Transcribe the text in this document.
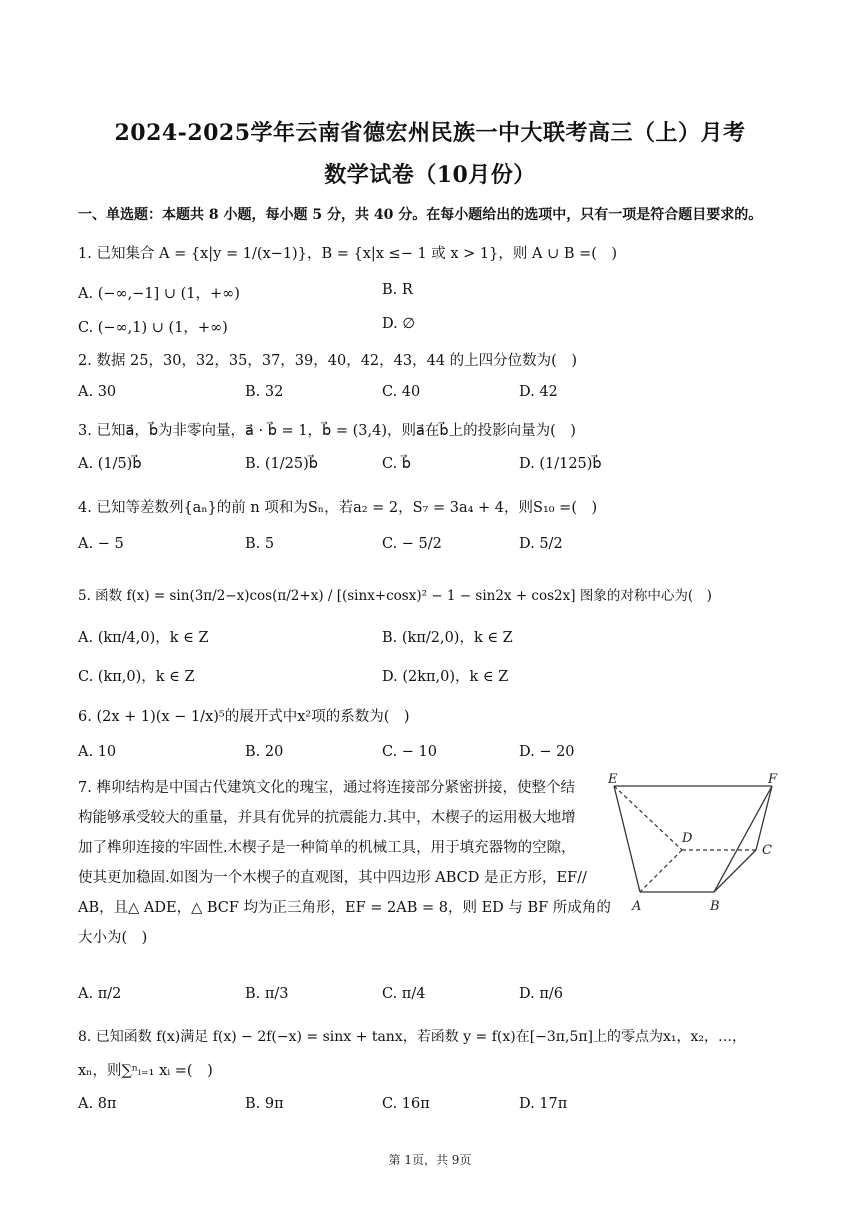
2024-2025学年云南省德宏州民族一中大联考高三（上）月考
数学试卷（10月份）
一、单选题：本题共 8 小题，每小题 5 分，共 40 分。在每小题给出的选项中，只有一项是符合题目要求的。
1. 已知集合 A = {x|y = 1/(x−1)}，B = {x|x ≤− 1 或 x > 1}，则 A ∪ B =(　)
A. (−∞,−1] ∪ (1，+∞)	B. R
C. (−∞,1) ∪ (1，+∞)	D. ∅
2. 数据 25，30，32，35，37，39，40，42，43，44 的上四分位数为(　)
A. 30	B. 32	C. 40	D. 42
3. 已知a⃗，b⃗为非零向量，a⃗ · b⃗ = 1，b⃗ = (3,4)，则a⃗在b⃗上的投影向量为(　)
A. (1/5)b⃗	B. (1/25)b⃗	C. b⃗	D. (1/125)b⃗
4. 已知等差数列{aₙ}的前 n 项和为Sₙ，若a₂ = 2，S₇ = 3a₄ + 4，则S₁₀ =(　)
A. − 5	B. 5	C. − 5/2	D. 5/2
5. 函数 f(x) = sin(3π/2−x)cos(π/2+x) / [(sinx+cosx)² − 1 − sin2x + cos2x] 图象的对称中心为(　)
A. (kπ/4,0)，k ∈ Z	B. (kπ/2,0)，k ∈ Z
C. (kπ,0)，k ∈ Z	D. (2kπ,0)，k ∈ Z
6. (2x + 1)(x − 1/x)⁵的展开式中x²项的系数为(　)
A. 10	B. 20	C. − 10	D. − 20
7. 榫卯结构是中国古代建筑文化的瑰宝，通过将连接部分紧密拼接，使整个结
构能够承受较大的重量，并具有优异的抗震能力.其中，木楔子的运用极大地增
加了榫卯连接的牢固性.木楔子是一种简单的机械工具，用于填充器物的空隙，
使其更加稳固.如图为一个木楔子的直观图，其中四边形 ABCD 是正方形，EF//
AB，且△ ADE，△ BCF 均为正三角形，EF = 2AB = 8，则 ED 与 BF 所成角的
大小为(　)
E	F
D
C
A	B
A. π/2	B. π/3	C. π/4	D. π/6
8. 已知函数 f(x)满足 f(x) − 2f(−x) = sinx + tanx，若函数 y = f(x)在[−3π,5π]上的零点为x₁，x₂，…，
xₙ，则∑ⁿᵢ₌₁ xᵢ =(　)
A. 8π	B. 9π	C. 16π	D. 17π
第 1页，共 9页
